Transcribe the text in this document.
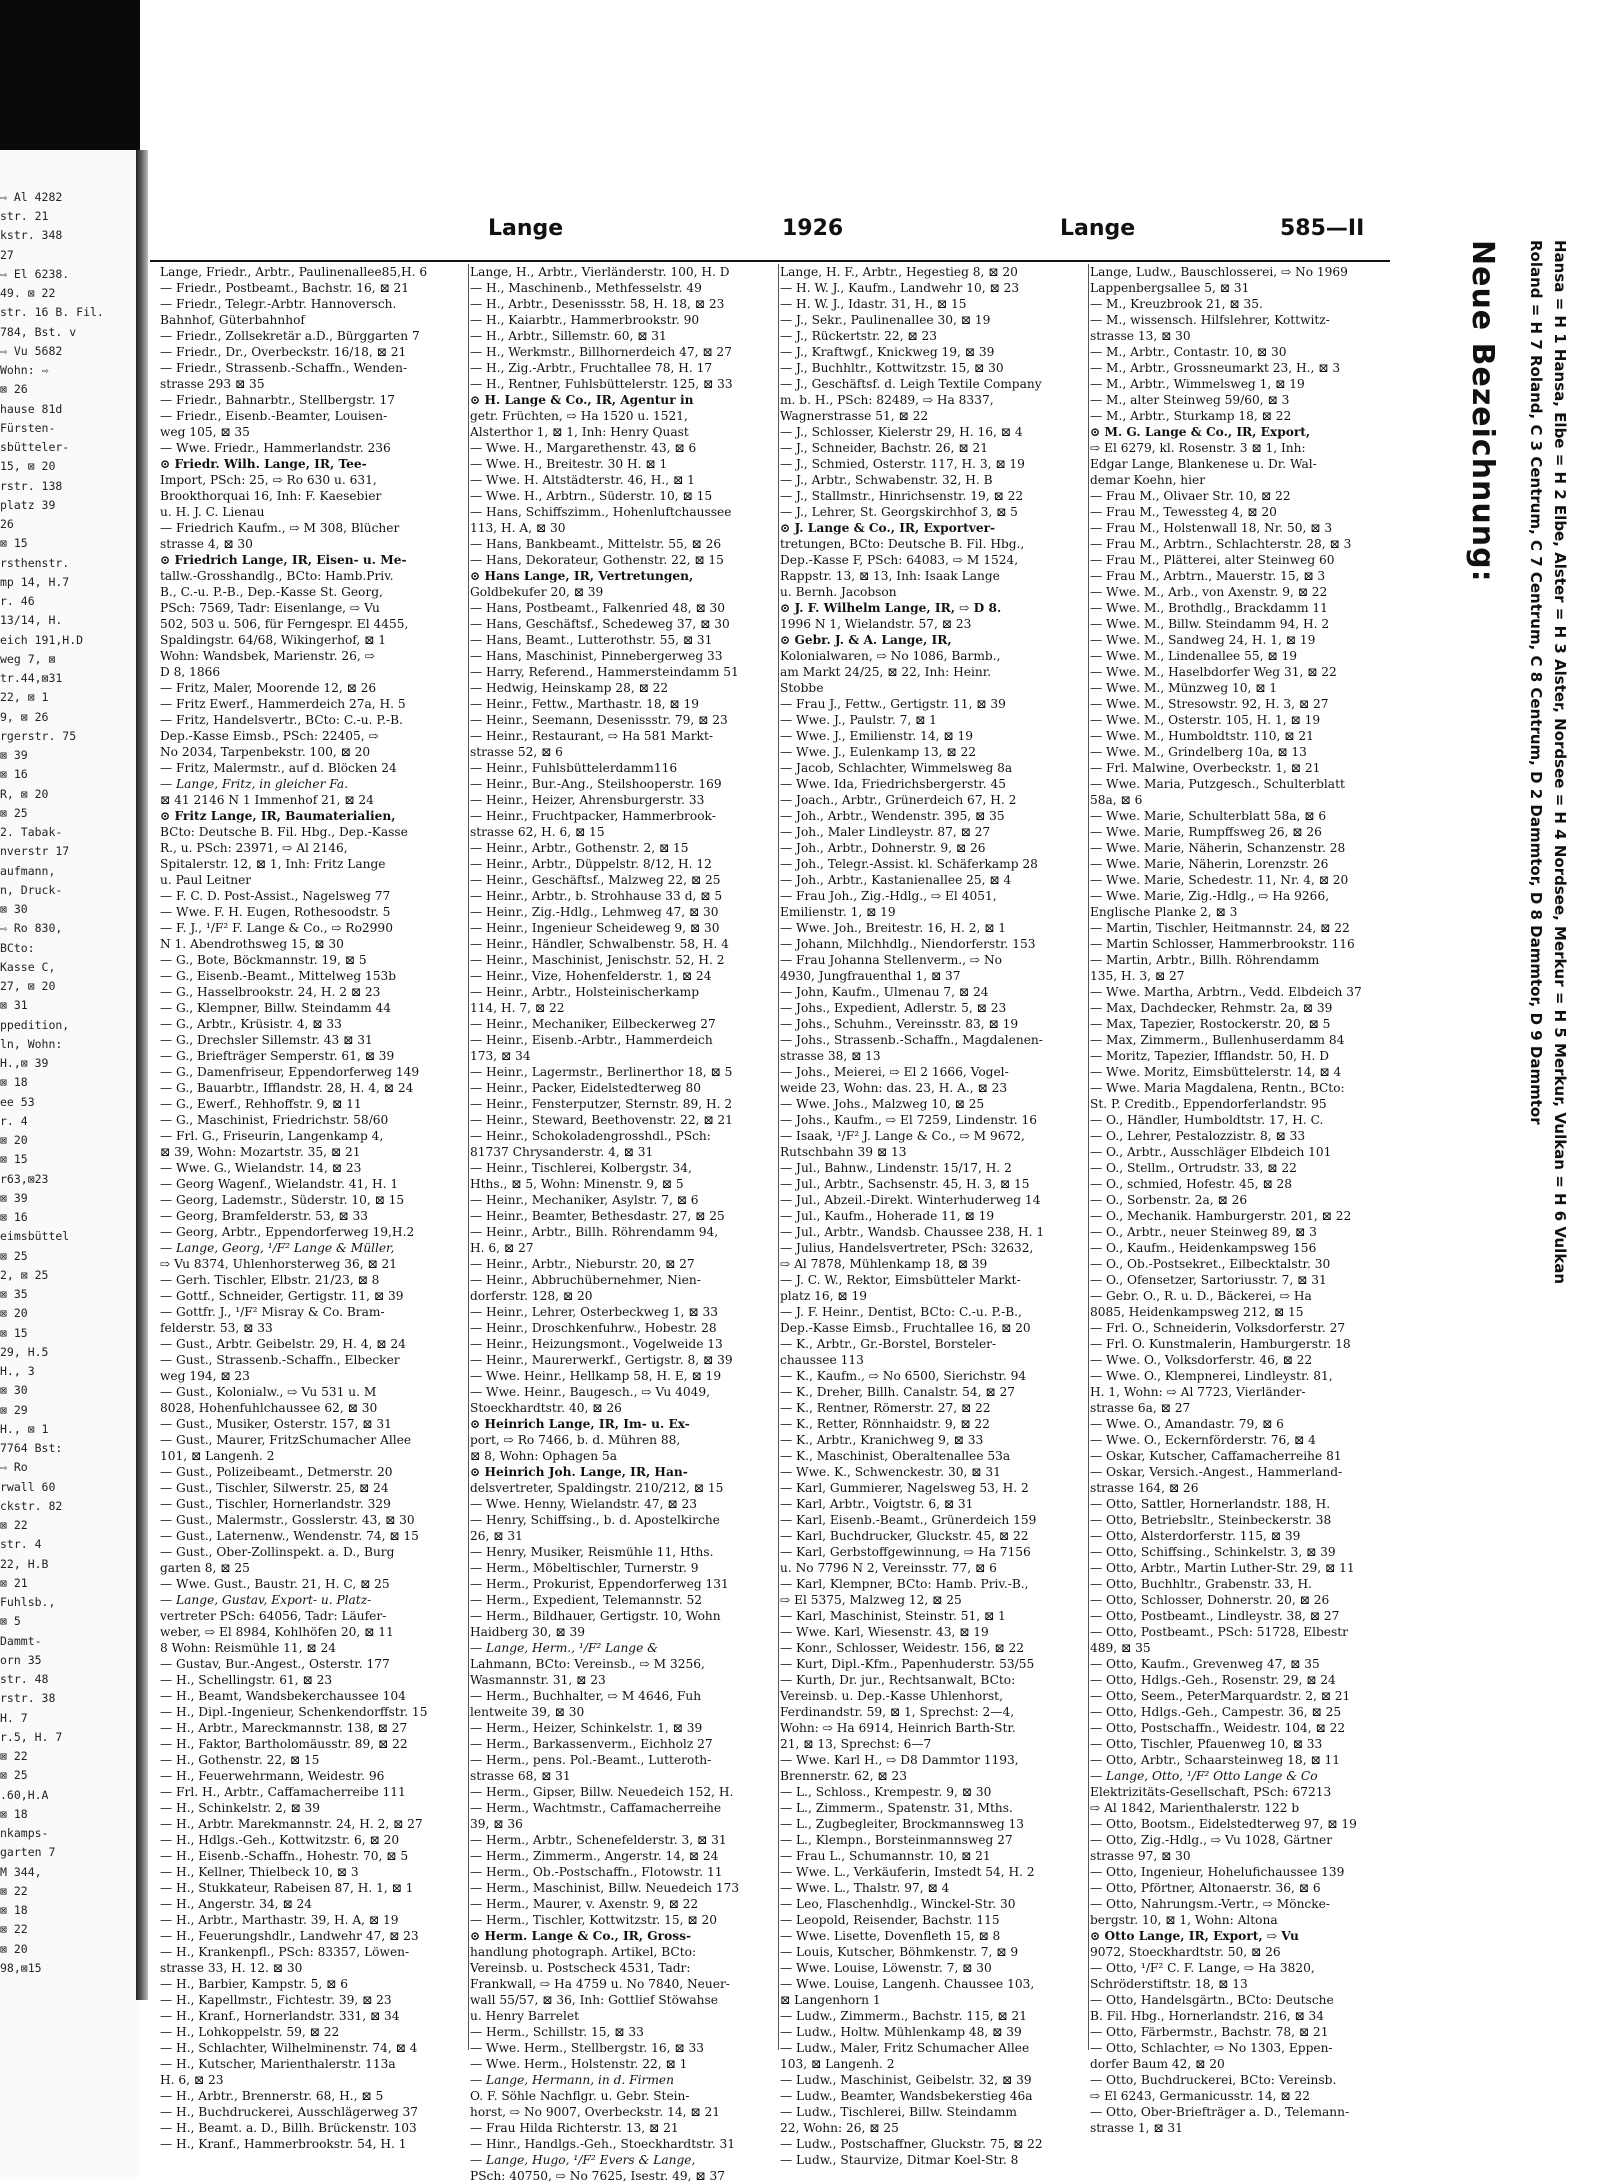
⇨ Al 4282
str. 21
kstr. 348
27
⇨ El 6238.
49. ⊠ 22
str. 16 B. Fil.
784, Bst. v
⇨ Vu 5682
Wohn: ⇨
⊠ 26
hause 81d
Fürsten-
sbütteler-
15, ⊠ 20
rstr. 138
platz 39
26
⊠ 15
rsthenstr.
mp 14, H.7
r. 46
13/14, H.
eich 191,H.D
weg 7, ⊠
tr.44,⊠31
22, ⊠ 1
9, ⊠ 26
rgerstr. 75
⊠ 39
⊠ 16
R, ⊠ 20
⊠ 25
2. Tabak-
nverstr 17
aufmann,
n, Druck-
⊠ 30
⇨ Ro 830,
BCto:
Kasse C,
27, ⊠ 20
⊠ 31
ppedition,
ln, Wohn:
H.,⊠ 39
⊠ 18
ee 53
r. 4
⊠ 20
⊠ 15
r63,⊠23
⊠ 39
⊠ 16
eimsbüttel
⊠ 25
2, ⊠ 25
⊠ 35
⊠ 20
⊠ 15
29, H.5
H., 3
⊠ 30
⊠ 29
H., ⊠ 1
7764 Bst:
⇨ Ro
rwall 60
ckstr. 82
⊠ 22
str. 4
22, H.B
⊠ 21
Fuhlsb.,
⊠ 5
Dammt-
orn 35
str. 48
rstr. 38
H. 7
r.5, H. 7
⊠ 22
⊠ 25
.60,H.A
⊠ 18
nkamps-
garten 7
M 344,
⊠ 22
⊠ 18
⊠ 22
⊠ 20
98,⊠15
Lange	1926	Lange	585—II
Lange, Friedr., Arbtr., Paulinenallee85,H. 6
— Friedr., Postbeamt., Bachstr. 16, ⊠ 21
— Friedr., Telegr.-Arbtr. Hannoversch.
Bahnhof, Güterbahnhof
— Friedr., Zollsekretär a.D., Bürggarten 7
— Friedr., Dr., Overbeckstr. 16/18, ⊠ 21
— Friedr., Strassenb.-Schaffn., Wenden-
strasse 293 ⊠ 35
— Friedr., Bahnarbtr., Stellbergstr. 17
— Friedr., Eisenb.-Beamter, Louisen-
weg 105, ⊠ 35
— Wwe. Friedr., Hammerlandstr. 236
⊙ Friedr. Wilh. Lange, IR, Tee-
Import, PSch: 25, ⇨ Ro 630 u. 631,
Brookthorquai 16, Inh: F. Kaesebier
u. H. J. C. Lienau
— Friedrich Kaufm., ⇨ M 308, Blücher
strasse 4, ⊠ 30
⊙ Friedrich Lange, IR, Eisen- u. Me-
tallw.-Grosshandlg., BCto: Hamb.Priv.
B., C.-u. P.-B., Dep.-Kasse St. Georg,
PSch: 7569, Tadr: Eisenlange, ⇨ Vu
502, 503 u. 506, für Ferngespr. El 4455,
Spaldingstr. 64/68, Wikingerhof, ⊠ 1
Wohn: Wandsbek, Marienstr. 26, ⇨
D 8, 1866
— Fritz, Maler, Moorende 12, ⊠ 26
— Fritz Ewerf., Hammerdeich 27a, H. 5
— Fritz, Handelsvertr., BCto: C.-u. P.-B.
Dep.-Kasse Eimsb., PSch: 22405, ⇨
No 2034, Tarpenbekstr. 100, ⊠ 20
— Fritz, Malermstr., auf d. Blöcken 24
— Lange, Fritz, in gleicher Fa.
⊠ 41 2146 N 1 Immenhof 21, ⊠ 24
⊙ Fritz Lange, IR, Baumaterialien,
BCto: Deutsche B. Fil. Hbg., Dep.-Kasse
R., u. PSch: 23971, ⇨ Al 2146,
Spitalerstr. 12, ⊠ 1, Inh: Fritz Lange
u. Paul Leitner
— F. C. D. Post-Assist., Nagelsweg 77
— Wwe. F. H. Eugen, Rothesoodstr. 5
— F. J., ¹/F² F. Lange & Co., ⇨ Ro2990
N 1. Abendrothsweg 15, ⊠ 30
— G., Bote, Böckmannstr. 19, ⊠ 5
— G., Eisenb.-Beamt., Mittelweg 153b
— G., Hasselbrookstr. 24, H. 2 ⊠ 23
— G., Klempner, Billw. Steindamm 44
— G., Arbtr., Krüsistr. 4, ⊠ 33
— G., Drechsler Sillemstr. 43 ⊠ 31
— G., Briefträger Semperstr. 61, ⊠ 39
— G., Damenfriseur, Eppendorferweg 149
— G., Bauarbtr., Ifflandstr. 28, H. 4, ⊠ 24
— G., Ewerf., Rehhoffstr. 9, ⊠ 11
— G., Maschinist, Friedrichstr. 58/60
— Frl. G., Friseurin, Langenkamp 4,
⊠ 39, Wohn: Mozartstr. 35, ⊠ 21
— Wwe. G., Wielandstr. 14, ⊠ 23
— Georg Wagenf., Wielandstr. 41, H. 1
— Georg, Lademstr., Süderstr. 10, ⊠ 15
— Georg, Bramfelderstr. 53, ⊠ 33
— Georg, Arbtr., Eppendorferweg 19,H.2
— Lange, Georg, ¹/F² Lange & Müller,
⇨ Vu 8374, Uhlenhorsterweg 36, ⊠ 21
— Gerh. Tischler, Elbstr. 21/23, ⊠ 8
— Gottf., Schneider, Gertigstr. 11, ⊠ 39
— Gottfr. J., ¹/F² Misray & Co. Bram-
felderstr. 53, ⊠ 33
— Gust., Arbtr. Geibelstr. 29, H. 4, ⊠ 24
— Gust., Strassenb.-Schaffn., Elbecker
weg 194, ⊠ 23
— Gust., Kolonialw., ⇨ Vu 531 u. M
8028, Hohenfuhlchaussee 62, ⊠ 30
— Gust., Musiker, Osterstr. 157, ⊠ 31
— Gust., Maurer, FritzSchumacher Allee
101, ⊠ Langenh. 2
— Gust., Polizeibeamt., Detmerstr. 20
— Gust., Tischler, Silwerstr. 25, ⊠ 24
— Gust., Tischler, Hornerlandstr. 329
— Gust., Malermstr., Gosslerstr. 43, ⊠ 30
— Gust., Laternenw., Wendenstr. 74, ⊠ 15
— Gust., Ober-Zollinspekt. a. D., Burg
garten 8, ⊠ 25
— Wwe. Gust., Baustr. 21, H. C, ⊠ 25
— Lange, Gustav, Export- u. Platz-
vertreter PSch: 64056, Tadr: Läufer-
weber, ⇨ El 8984, Kohlhöfen 20, ⊠ 11
8 Wohn: Reismühle 11, ⊠ 24
— Gustav, Bur.-Angest., Osterstr. 177
— H., Schellingstr. 61, ⊠ 23
— H., Beamt, Wandsbekerchaussee 104
— H., Dipl.-Ingenieur, Schenkendorffstr. 15
— H., Arbtr., Mareckmannstr. 138, ⊠ 27
— H., Faktor, Bartholomäusstr. 89, ⊠ 22
— H., Gothenstr. 22, ⊠ 15
— H., Feuerwehrmann, Weidestr. 96
— Frl. H., Arbtr., Caffamacherreibe 111
— H., Schinkelstr. 2, ⊠ 39
— H., Arbtr. Marekmannstr. 24, H. 2, ⊠ 27
— H., Hdlgs.-Geh., Kottwitzstr. 6, ⊠ 20
— H., Eisenb.-Schaffn., Hohestr. 70, ⊠ 5
— H., Kellner, Thielbeck 10, ⊠ 3
— H., Stukkateur, Rabeisen 87, H. 1, ⊠ 1
— H., Angerstr. 34, ⊠ 24
— H., Arbtr., Marthastr. 39, H. A, ⊠ 19
— H., Feuerungshdlr., Landwehr 47, ⊠ 23
— H., Krankenpfl., PSch: 83357, Löwen-
strasse 33, H. 12. ⊠ 30
— H., Barbier, Kampstr. 5, ⊠ 6
— H., Kapellmstr., Fichtestr. 39, ⊠ 23
— H., Kranf., Hornerlandstr. 331, ⊠ 34
— H., Lohkoppelstr. 59, ⊠ 22
— H., Schlachter, Wilhelminenstr. 74, ⊠ 4
— H., Kutscher, Marienthalerstr. 113a
H. 6, ⊠ 23
— H., Arbtr., Brennerstr. 68, H., ⊠ 5
— H., Buchdruckerei, Ausschlägerweg 37
— H., Beamt. a. D., Billh. Brückenstr. 103
— H., Kranf., Hammerbrookstr. 54, H. 1
Lange, H., Arbtr., Vierländerstr. 100, H. D
— H., Maschinenb., Methfesselstr. 49
— H., Arbtr., Desenissstr. 58, H. 18, ⊠ 23
— H., Kaiarbtr., Hammerbrookstr. 90
— H., Arbtr., Sillemstr. 60, ⊠ 31
— H., Werkmstr., Billhornerdeich 47, ⊠ 27
— H., Zig.-Arbtr., Fruchtallee 78, H. 17
— H., Rentner, Fuhlsbüttelerstr. 125, ⊠ 33
⊙ H. Lange & Co., IR, Agentur in
getr. Früchten, ⇨ Ha 1520 u. 1521,
Alsterthor 1, ⊠ 1, Inh: Henry Quast
— Wwe. H., Margarethenstr. 43, ⊠ 6
— Wwe. H., Breitestr. 30 H. ⊠ 1
— Wwe. H. Altstädterstr. 46, H., ⊠ 1
— Wwe. H., Arbtrn., Süderstr. 10, ⊠ 15
— Hans, Schiffszimm., Hohenluftchaussee
113, H. A, ⊠ 30
— Hans, Bankbeamt., Mittelstr. 55, ⊠ 26
— Hans, Dekorateur, Gothenstr. 22, ⊠ 15
⊙ Hans Lange, IR, Vertretungen,
Goldbekufer 20, ⊠ 39
— Hans, Postbeamt., Falkenried 48, ⊠ 30
— Hans, Geschäftsf., Schedeweg 37, ⊠ 30
— Hans, Beamt., Lutterothstr. 55, ⊠ 31
— Hans, Maschinist, Pinnebergerweg 33
— Harry, Referend., Hammersteindamm 51
— Hedwig, Heinskamp 28, ⊠ 22
— Heinr., Fettw., Marthastr. 18, ⊠ 19
— Heinr., Seemann, Desenissstr. 79, ⊠ 23
— Heinr., Restaurant, ⇨ Ha 581 Markt-
strasse 52, ⊠ 6
— Heinr., Fuhlsbüttelerdamm116
— Heinr., Bur.-Ang., Steilshooperstr. 169
— Heinr., Heizer, Ahrensburgerstr. 33
— Heinr., Fruchtpacker, Hammerbrook-
strasse 62, H. 6, ⊠ 15
— Heinr., Arbtr., Gothenstr. 2, ⊠ 15
— Heinr., Arbtr., Düppelstr. 8/12, H. 12
— Heinr., Geschäftsf., Malzweg 22, ⊠ 25
— Heinr., Arbtr., b. Strohhause 33 d, ⊠ 5
— Heinr., Zig.-Hdlg., Lehmweg 47, ⊠ 30
— Heinr., Ingenieur Scheideweg 9, ⊠ 30
— Heinr., Händler, Schwalbenstr. 58, H. 4
— Heinr., Maschinist, Jenischstr. 52, H. 2
— Heinr., Vize, Hohenfelderstr. 1, ⊠ 24
— Heinr., Arbtr., Holsteinischerkamp
114, H. 7, ⊠ 22
— Heinr., Mechaniker, Eilbeckerweg 27
— Heinr., Eisenb.-Arbtr., Hammerdeich
173, ⊠ 34
— Heinr., Lagermstr., Berlinerthor 18, ⊠ 5
— Heinr., Packer, Eidelstedterweg 80
— Heinr., Fensterputzer, Sternstr. 89, H. 2
— Heinr., Steward, Beethovenstr. 22, ⊠ 21
— Heinr., Schokoladengrosshdl., PSch:
81737 Chrysanderstr. 4, ⊠ 31
— Heinr., Tischlerei, Kolbergstr. 34,
Hths., ⊠ 5, Wohn: Minenstr. 9, ⊠ 5
— Heinr., Mechaniker, Asylstr. 7, ⊠ 6
— Heinr., Beamter, Bethesdastr. 27, ⊠ 25
— Heinr., Arbtr., Billh. Röhrendamm 94,
H. 6, ⊠ 27
— Heinr., Arbtr., Nieburstr. 20, ⊠ 27
— Heinr., Abbruchübernehmer, Nien-
dorferstr. 128, ⊠ 20
— Heinr., Lehrer, Osterbeckweg 1, ⊠ 33
— Heinr., Droschkenfuhrw., Hobestr. 28
— Heinr., Heizungsmont., Vogelweide 13
— Heinr., Maurerwerkf., Gertigstr. 8, ⊠ 39
— Wwe. Heinr., Hellkamp 58, H. E, ⊠ 19
— Wwe. Heinr., Baugesch., ⇨ Vu 4049,
Stoeckhardtstr. 40, ⊠ 26
⊙ Heinrich Lange, IR, Im- u. Ex-
port, ⇨ Ro 7466, b. d. Mühren 88,
⊠ 8, Wohn: Ophagen 5a
⊙ Heinrich Joh. Lange, IR, Han-
delsvertreter, Spaldingstr. 210/212, ⊠ 15
— Wwe. Henny, Wielandstr. 47, ⊠ 23
— Henry, Schiffsing., b. d. Apostelkirche
26, ⊠ 31
— Henry, Musiker, Reismühle 11, Hths.
— Herm., Möbeltischler, Turnerstr. 9
— Herm., Prokurist, Eppendorferweg 131
— Herm., Expedient, Telemannstr. 52
— Herm., Bildhauer, Gertigstr. 10, Wohn
Haidberg 30, ⊠ 39
— Lange, Herm., ¹/F² Lange &
Lahmann, BCto: Vereinsb., ⇨ M 3256,
Wasmannstr. 31, ⊠ 23
— Herm., Buchhalter, ⇨ M 4646, Fuh
lentweite 39, ⊠ 30
— Herm., Heizer, Schinkelstr. 1, ⊠ 39
— Herm., Barkassenverm., Eichholz 27
— Herm., pens. Pol.-Beamt., Lutteroth-
strasse 68, ⊠ 31
— Herm., Gipser, Billw. Neuedeich 152, H.
— Herm., Wachtmstr., Caffamacherreihe
39, ⊠ 36
— Herm., Arbtr., Schenefelderstr. 3, ⊠ 31
— Herm., Zimmerm., Angerstr. 14, ⊠ 24
— Herm., Ob.-Postschaffn., Flotowstr. 11
— Herm., Maschinist, Billw. Neuedeich 173
— Herm., Maurer, v. Axenstr. 9, ⊠ 22
— Herm., Tischler, Kottwitzstr. 15, ⊠ 20
⊙ Herm. Lange & Co., IR, Gross-
handlung photograph. Artikel, BCto:
Vereinsb. u. Postscheck 4531, Tadr:
Frankwall, ⇨ Ha 4759 u. No 7840, Neuer-
wall 55/57, ⊠ 36, Inh: Gottlief Stöwahse
u. Henry Barrelet
— Herm., Schillstr. 15, ⊠ 33
— Wwe. Herm., Stellbergstr. 16, ⊠ 33
— Wwe. Herm., Holstenstr. 22, ⊠ 1
— Lange, Hermann, in d. Firmen
O. F. Söhle Nachflgr. u. Gebr. Stein-
horst, ⇨ No 9007, Overbeckstr. 14, ⊠ 21
— Frau Hilda Richterstr. 13, ⊠ 21
— Hinr., Handlgs.-Geh., Stoeckhardtstr. 31
— Lange, Hugo, ¹/F² Evers & Lange,
PSch: 40750, ⇨ No 7625, Isestr. 49, ⊠ 37
Lange, H. F., Arbtr., Hegestieg 8, ⊠ 20
— H. W. J., Kaufm., Landwehr 10, ⊠ 23
— H. W. J., Idastr. 31, H., ⊠ 15
— J., Sekr., Paulinenallee 30, ⊠ 19
— J., Rückertstr. 22, ⊠ 23
— J., Kraftwgf., Knickweg 19, ⊠ 39
— J., Buchhltr., Kottwitzstr. 15, ⊠ 30
— J., Geschäftsf. d. Leigh Textile Company
m. b. H., PSch: 82489, ⇨ Ha 8337,
Wagnerstrasse 51, ⊠ 22
— J., Schlosser, Kielerstr 29, H. 16, ⊠ 4
— J., Schneider, Bachstr. 26, ⊠ 21
— J., Schmied, Osterstr. 117, H. 3, ⊠ 19
— J., Arbtr., Schwabenstr. 32, H. B
— J., Stallmstr., Hinrichsenstr. 19, ⊠ 22
— J., Lehrer, St. Georgskirchhof 3, ⊠ 5
⊙ J. Lange & Co., IR, Exportver-
tretungen, BCto: Deutsche B. Fil. Hbg.,
Dep.-Kasse F, PSch: 64083, ⇨ M 1524,
Rappstr. 13, ⊠ 13, Inh: Isaak Lange
u. Bernh. Jacobson
⊙ J. F. Wilhelm Lange, IR, ⇨ D 8.
1996 N 1, Wielandstr. 57, ⊠ 23
⊙ Gebr. J. & A. Lange, IR,
Kolonialwaren, ⇨ No 1086, Barmb.,
am Markt 24/25, ⊠ 22, Inh: Heinr.
Stobbe
— Frau J., Fettw., Gertigstr. 11, ⊠ 39
— Wwe. J., Paulstr. 7, ⊠ 1
— Wwe. J., Emilienstr. 14, ⊠ 19
— Wwe. J., Eulenkamp 13, ⊠ 22
— Jacob, Schlachter, Wimmelsweg 8a
— Wwe. Ida, Friedrichsbergerstr. 45
— Joach., Arbtr., Grünerdeich 67, H. 2
— Joh., Arbtr., Wendenstr. 395, ⊠ 35
— Joh., Maler Lindleystr. 87, ⊠ 27
— Joh., Arbtr., Dohnerstr. 9, ⊠ 26
— Joh., Telegr.-Assist. kl. Schäferkamp 28
— Joh., Arbtr., Kastanienallee 25, ⊠ 4
— Frau Joh., Zig.-Hdlg., ⇨ El 4051,
Emilienstr. 1, ⊠ 19
— Wwe. Joh., Breitestr. 16, H. 2, ⊠ 1
— Johann, Milchhdlg., Niendorferstr. 153
— Frau Johanna Stellenverm., ⇨ No
4930, Jungfrauenthal 1, ⊠ 37
— John, Kaufm., Ulmenau 7, ⊠ 24
— Johs., Expedient, Adlerstr. 5, ⊠ 23
— Johs., Schuhm., Vereinsstr. 83, ⊠ 19
— Johs., Strassenb.-Schaffn., Magdalenen-
strasse 38, ⊠ 13
— Johs., Meierei, ⇨ El 2 1666, Vogel-
weide 23, Wohn: das. 23, H. A., ⊠ 23
— Wwe. Johs., Malzweg 10, ⊠ 25
— Johs., Kaufm., ⇨ El 7259, Lindenstr. 16
— Isaak, ¹/F² J. Lange & Co., ⇨ M 9672,
Rutschbahn 39 ⊠ 13
— Jul., Bahnw., Lindenstr. 15/17, H. 2
— Jul., Arbtr., Sachsenstr. 45, H. 3, ⊠ 15
— Jul., Abzeil.-Direkt. Winterhuderweg 14
— Jul., Kaufm., Hoherade 11, ⊠ 19
— Jul., Arbtr., Wandsb. Chaussee 238, H. 1
— Julius, Handelsvertreter, PSch: 32632,
⇨ Al 7878, Mühlenkamp 18, ⊠ 39
— J. C. W., Rektor, Eimsbütteler Markt-
platz 16, ⊠ 19
— J. F. Heinr., Dentist, BCto: C.-u. P.-B.,
Dep.-Kasse Eimsb., Fruchtallee 16, ⊠ 20
— K., Arbtr., Gr.-Borstel, Borsteler-
chaussee 113
— K., Kaufm., ⇨ No 6500, Sierichstr. 94
— K., Dreher, Billh. Canalstr. 54, ⊠ 27
— K., Rentner, Römerstr. 27, ⊠ 22
— K., Retter, Rönnhaidstr. 9, ⊠ 22
— K., Arbtr., Kranichweg 9, ⊠ 33
— K., Maschinist, Oberaltenallee 53a
— Wwe. K., Schwenckestr. 30, ⊠ 31
— Karl, Gummierer, Nagelsweg 53, H. 2
— Karl, Arbtr., Voigtstr. 6, ⊠ 31
— Karl, Eisenb.-Beamt., Grünerdeich 159
— Karl, Buchdrucker, Gluckstr. 45, ⊠ 22
— Karl, Gerbstoffgewinnung, ⇨ Ha 7156
u. No 7796 N 2, Vereinsstr. 77, ⊠ 6
— Karl, Klempner, BCto: Hamb. Priv.-B.,
⇨ El 5375, Malzweg 12, ⊠ 25
— Karl, Maschinist, Steinstr. 51, ⊠ 1
— Wwe. Karl, Wiesenstr. 43, ⊠ 19
— Konr., Schlosser, Weidestr. 156, ⊠ 22
— Kurt, Dipl.-Kfm., Papenhuderstr. 53/55
— Kurth, Dr. jur., Rechtsanwalt, BCto:
Vereinsb. u. Dep.-Kasse Uhlenhorst,
Ferdinandstr. 59, ⊠ 1, Sprechst: 2—4,
Wohn: ⇨ Ha 6914, Heinrich Barth-Str.
21, ⊠ 13, Sprechst: 6—7
— Wwe. Karl H., ⇨ D8 Dammtor 1193,
Brennerstr. 62, ⊠ 23
— L., Schloss., Krempestr. 9, ⊠ 30
— L., Zimmerm., Spatenstr. 31, Mths.
— L., Zugbegleiter, Brockmannsweg 13
— L., Klempn., Borsteinmannsweg 27
— Frau L., Schumannstr. 10, ⊠ 21
— Wwe. L., Verkäuferin, Imstedt 54, H. 2
— Wwe. L., Thalstr. 97, ⊠ 4
— Leo, Flaschenhdlg., Winckel-Str. 30
— Leopold, Reisender, Bachstr. 115
— Wwe. Lisette, Dovenfleth 15, ⊠ 8
— Louis, Kutscher, Böhmkenstr. 7, ⊠ 9
— Wwe. Louise, Löwenstr. 7, ⊠ 30
— Wwe. Louise, Langenh. Chaussee 103,
⊠ Langenhorn 1
— Ludw., Zimmerm., Bachstr. 115, ⊠ 21
— Ludw., Holtw. Mühlenkamp 48, ⊠ 39
— Ludw., Maler, Fritz Schumacher Allee
103, ⊠ Langenh. 2
— Ludw., Maschinist, Geibelstr. 32, ⊠ 39
— Ludw., Beamter, Wandsbekerstieg 46a
— Ludw., Tischlerei, Billw. Steindamm
22, Wohn: 26, ⊠ 25
— Ludw., Postschaffner, Gluckstr. 75, ⊠ 22
— Ludw., Staurvize, Ditmar Koel-Str. 8
Lange, Ludw., Bauschlosserei, ⇨ No 1969
Lappenbergsallee 5, ⊠ 31
— M., Kreuzbrook 21, ⊠ 35.
— M., wissensch. Hilfslehrer, Kottwitz-
strasse 13, ⊠ 30
— M., Arbtr., Contastr. 10, ⊠ 30
— M., Arbtr., Grossneumarkt 23, H., ⊠ 3
— M., Arbtr., Wimmelsweg 1, ⊠ 19
— M., alter Steinweg 59/60, ⊠ 3
— M., Arbtr., Sturkamp 18, ⊠ 22
⊙ M. G. Lange & Co., IR, Export,
⇨ El 6279, kl. Rosenstr. 3 ⊠ 1, Inh:
Edgar Lange, Blankenese u. Dr. Wal-
demar Koehn, hier
— Frau M., Olivaer Str. 10, ⊠ 22
— Frau M., Tewessteg 4, ⊠ 20
— Frau M., Holstenwall 18, Nr. 50, ⊠ 3
— Frau M., Arbtrn., Schlachterstr. 28, ⊠ 3
— Frau M., Plätterei, alter Steinweg 60
— Frau M., Arbtrn., Mauerstr. 15, ⊠ 3
— Wwe. M., Arb., von Axenstr. 9, ⊠ 22
— Wwe. M., Brothdlg., Brackdamm 11
— Wwe. M., Billw. Steindamm 94, H. 2
— Wwe. M., Sandweg 24, H. 1, ⊠ 19
— Wwe. M., Lindenallee 55, ⊠ 19
— Wwe. M., Haselbdorfer Weg 31, ⊠ 22
— Wwe. M., Münzweg 10, ⊠ 1
— Wwe. M., Stresowstr. 92, H. 3, ⊠ 27
— Wwe. M., Osterstr. 105, H. 1, ⊠ 19
— Wwe. M., Humboldtstr. 110, ⊠ 21
— Wwe. M., Grindelberg 10a, ⊠ 13
— Frl. Malwine, Overbeckstr. 1, ⊠ 21
— Wwe. Maria, Putzgesch., Schulterblatt
58a, ⊠ 6
— Wwe. Marie, Schulterblatt 58a, ⊠ 6
— Wwe. Marie, Rumpffsweg 26, ⊠ 26
— Wwe. Marie, Näherin, Schanzenstr. 28
— Wwe. Marie, Näherin, Lorenzstr. 26
— Wwe. Marie, Schedestr. 11, Nr. 4, ⊠ 20
— Wwe. Marie, Zig.-Hdlg., ⇨ Ha 9266,
Englische Planke 2, ⊠ 3
— Martin, Tischler, Heitmannstr. 24, ⊠ 22
— Martin Schlosser, Hammerbrookstr. 116
— Martin, Arbtr., Billh. Röhrendamm
135, H. 3, ⊠ 27
— Wwe. Martha, Arbtrn., Vedd. Elbdeich 37
— Max, Dachdecker, Rehmstr. 2a, ⊠ 39
— Max, Tapezier, Rostockerstr. 20, ⊠ 5
— Max, Zimmerm., Bullenhuserdamm 84
— Moritz, Tapezier, Ifflandstr. 50, H. D
— Wwe. Moritz, Eimsbüttelerstr. 14, ⊠ 4
— Wwe. Maria Magdalena, Rentn., BCto:
St. P. Creditb., Eppendorferlandstr. 95
— O., Händler, Humboldtstr. 17, H. C.
— O., Lehrer, Pestalozzistr. 8, ⊠ 33
— O., Arbtr., Ausschläger Elbdeich 101
— O., Stellm., Ortrudstr. 33, ⊠ 22
— O., schmied, Hofestr. 45, ⊠ 28
— O., Sorbenstr. 2a, ⊠ 26
— O., Mechanik. Hamburgerstr. 201, ⊠ 22
— O., Arbtr., neuer Steinweg 89, ⊠ 3
— O., Kaufm., Heidenkampsweg 156
— O., Ob.-Postsekret., Eilbecktalstr. 30
— O., Ofensetzer, Sartoriusstr. 7, ⊠ 31
— Gebr. O., R. u. D., Bäckerei, ⇨ Ha
8085, Heidenkampsweg 212, ⊠ 15
— Frl. O., Schneiderin, Volksdorferstr. 27
— Frl. O. Kunstmalerin, Hamburgerstr. 18
— Wwe. O., Volksdorferstr. 46, ⊠ 22
— Wwe. O., Klempnerei, Lindleystr. 81,
H. 1, Wohn: ⇨ Al 7723, Vierländer-
strasse 6a, ⊠ 27
— Wwe. O., Amandastr. 79, ⊠ 6
— Wwe. O., Eckernförderstr. 76, ⊠ 4
— Oskar, Kutscher, Caffamacherreihe 81
— Oskar, Versich.-Angest., Hammerland-
strasse 164, ⊠ 26
— Otto, Sattler, Hornerlandstr. 188, H.
— Otto, Betriebsltr., Steinbeckerstr. 38
— Otto, Alsterdorferstr. 115, ⊠ 39
— Otto, Schiffsing., Schinkelstr. 3, ⊠ 39
— Otto, Arbtr., Martin Luther-Str. 29, ⊠ 11
— Otto, Buchhltr., Grabenstr. 33, H.
— Otto, Schlosser, Dohnerstr. 20, ⊠ 26
— Otto, Postbeamt., Lindleystr. 38, ⊠ 27
— Otto, Postbeamt., PSch: 51728, Elbestr
489, ⊠ 35
— Otto, Kaufm., Grevenweg 47, ⊠ 35
— Otto, Hdlgs.-Geh., Rosenstr. 29, ⊠ 24
— Otto, Seem., PeterMarquardstr. 2, ⊠ 21
— Otto, Hdlgs.-Geh., Campestr. 36, ⊠ 25
— Otto, Postschaffn., Weidestr. 104, ⊠ 22
— Otto, Tischler, Pfauenweg 10, ⊠ 33
— Otto, Arbtr., Schaarsteinweg 18, ⊠ 11
— Lange, Otto, ¹/F² Otto Lange & Co
Elektrizitäts-Gesellschaft, PSch: 67213
⇨ Al 1842, Marienthalerstr. 122 b
— Otto, Bootsm., Eidelstedterweg 97, ⊠ 19
— Otto, Zig.-Hdlg., ⇨ Vu 1028, Gärtner
strasse 97, ⊠ 30
— Otto, Ingenieur, Hohelufichaussee 139
— Otto, Pförtner, Altonaerstr. 36, ⊠ 6
— Otto, Nahrungsm.-Vertr., ⇨ Möncke-
bergstr. 10, ⊠ 1, Wohn: Altona
⊙ Otto Lange, IR, Export, ⇨ Vu
9072, Stoeckhardtstr. 50, ⊠ 26
— Otto, ¹/F² C. F. Lange, ⇨ Ha 3820,
Schröderstiftstr. 18, ⊠ 13
— Otto, Handelsgärtn., BCto: Deutsche
B. Fil. Hbg., Hornerlandstr. 216, ⊠ 34
— Otto, Färbermstr., Bachstr. 78, ⊠ 21
— Otto, Schlachter, ⇨ No 1303, Eppen-
dorfer Baum 42, ⊠ 20
— Otto, Buchdruckerei, BCto: Vereinsb.
⇨ El 6243, Germanicusstr. 14, ⊠ 22
— Otto, Ober-Briefträger a. D., Telemann-
strasse 1, ⊠ 31
Neue Bezeichnung:	Hansa = H 1 Hansa, Elbe = H 2 Elbe, Alster = H 3 Alster, Nordsee = H 4 Nordsee, Merkur = H 5 Merkur, Vulkan = H 6 Vulkan
Roland = H 7 Roland, C 3 Centrum, C 7 Centrum, C 8 Centrum, D 2 Dammtor, D 8 Dammtor, D 9 Dammtor
